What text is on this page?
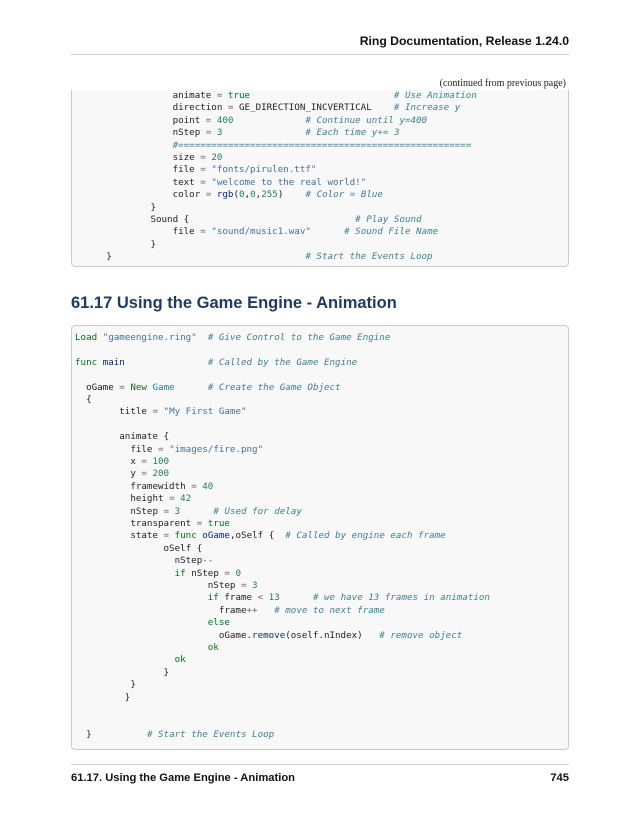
Ring Documentation, Release 1.24.0
(continued from previous page)
animate = true	# Use Animation
direction = GE_DIRECTION_INCVERTICAL # Increase y
point = 400	# Continue until y=400
nStep = 3	# Each time y+= 3
#=====================================================
size = 20
file = "fonts/pirulen.ttf"
text = "welcome to the real world!"
color = rgb(0,0,255) # Color = Blue
}
Sound {	# Play Sound
file = "sound/music1.wav"	# Sound File Name
}
}	# Start the Events Loop
61.17 Using the Game Engine - Animation
Load "gameengine.ring" # Give Control to the Game Engine
func main	# Called by the Game Engine
oGame = New Game	# Create the Game Object
{
title = "My First Game"
animate {
file = "images/fire.png"
x = 100
y = 200
framewidth = 40
height = 42
nStep = 3	# Used for delay
transparent = true
state = func oGame,oSelf {  # Called by engine each frame
oSelf {
nStep--
if nStep = 0
nStep = 3
if frame < 13	# we have 13 frames in animation
frame++ # move to next frame
else
oGame.remove(oself.nIndex) # remove object
ok
ok
}
}
}
}	# Start the Events Loop
61.17. Using the Game Engine - Animation	745
